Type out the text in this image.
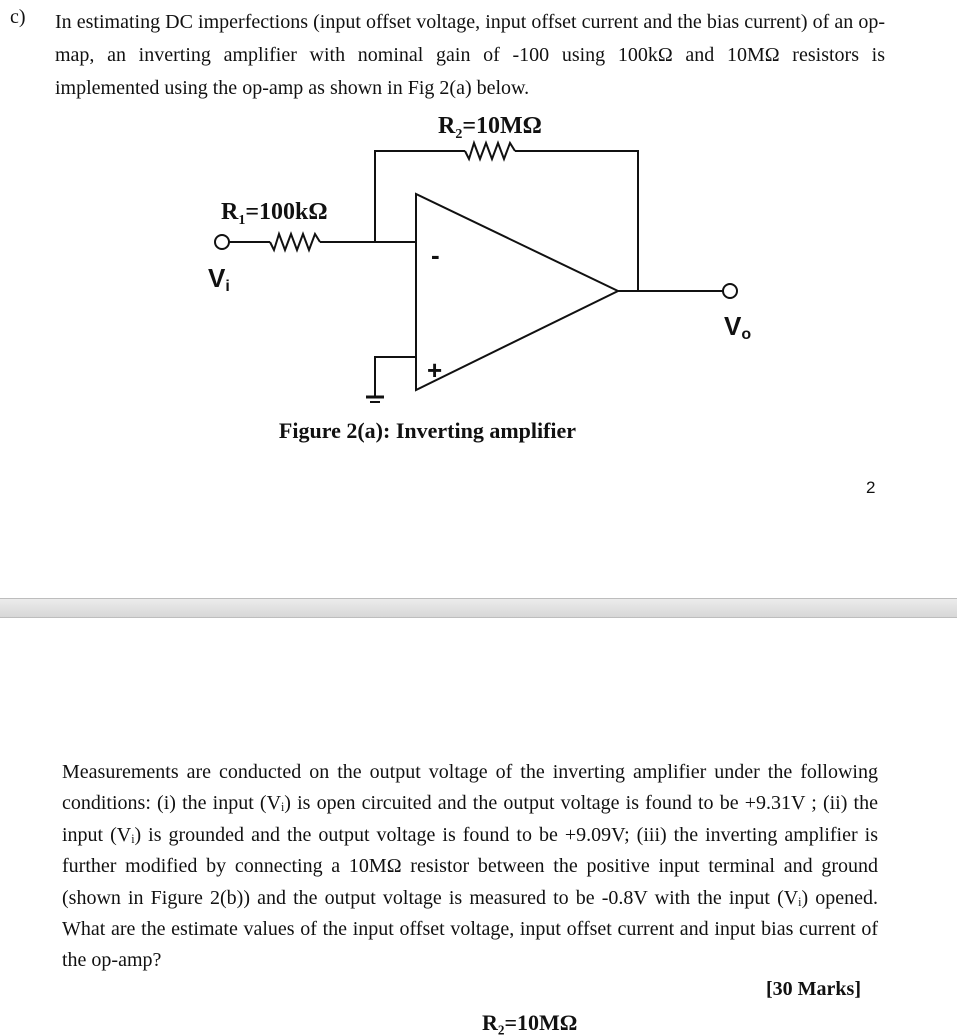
c) In estimating DC imperfections (input offset voltage, input offset current and the bias current) of an op-map, an inverting amplifier with nominal gain of -100 using 100kΩ and 10MΩ resistors is implemented using the op-amp as shown in Fig 2(a) below.

$R_2=10M\Omega$
$R_1=100k\Omega$
Vi
Vo
-
+
Figure 2(a): Inverting amplifier
2

Measurements are conducted on the output voltage of the inverting amplifier under the following conditions: (i) the input (Vᵢ) is open circuited and the output voltage is found to be +9.31V ; (ii) the input (Vᵢ) is grounded and the output voltage is found to be +9.09V; (iii) the inverting amplifier is further modified by connecting a 10MΩ resistor between the positive input terminal and ground (shown in Figure 2(b)) and the output voltage is measured to be -0.8V with the input (Vᵢ) opened. What are the estimate values of the input offset voltage, input offset current and input bias current of the op-amp?

[30 Marks]
R₂=10MΩ
